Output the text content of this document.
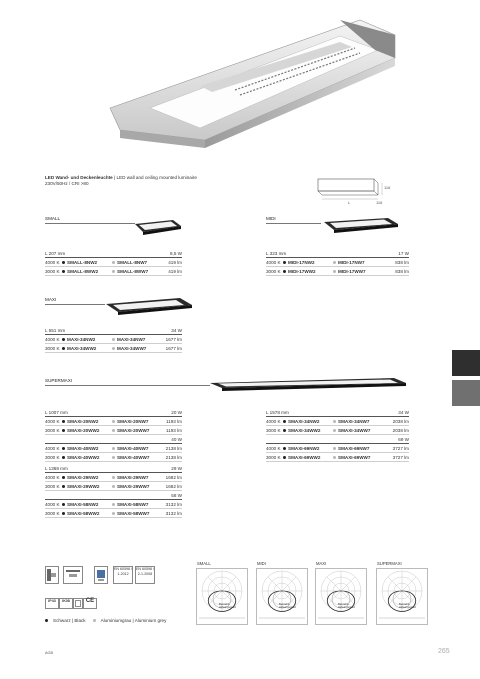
LED Wand- und Deckenleuchte | LED wall and ceiling mounted luminaire
230V/50Hz / CRI >80
116
L	116
SMALL
L 207 mm	8,5 W
4000 K	SMALL-8NW2	SMALL-8NW7	419 lm
3000 K	SMALL-8WW2	SMALL-8WW7	419 lm
MIDI
L 323 mm	17 W
4000 K	MIDI-17NW2	MIDI-17NW7	838 lm
3000 K	MIDI-17WW2	MIDI-17WW7	838 lm
MAXI
L 551 mm	34 W
4000 K	MAXI-34NW2	MAXI-34NW7	1677 lm
3000 K	MAXI-34WW2	MAXI-34WW7	1677 lm
SUPERMAXI
L 1007 mm	20 W
4000 K	SMAXI-20NW2	SMAXI-20NW7	1193 lm
3000 K	SMAXI-20WW2	SMAXI-20WW7	1193 lm
40 W
4000 K	SMAXI-40NW2	SMAXI-40NW7	2138 lm
3000 K	SMAXI-40WW2	SMAXI-40WW7	2138 lm
L 1368 mm	29 W
4000 K	SMAXI-29NW2	SMAXI-29NW7	1682 lm
3000 K	SMAXI-29WW2	SMAXI-29WW7	1682 lm
58 W
4000 K	SMAXI-58NW2	SMAXI-58NW7	3132 lm
3000 K	SMAXI-58WW2	SMAXI-58WW7	3132 lm
L 1578 mm	34 W
4000 K	SMAXI-34NW2	SMAXI-34NW7	2038 lm
3000 K	SMAXI-34WW2	SMAXI-34WW7	2038 lm
69 W
4000 K	SMAXI-69NW2	SMAXI-69NW7	3727 lm
3000 K	SMAXI-69WW2	SMAXI-69WW7	3727 lm
EN 60598 / 1-2012
EN 60598 / 2-1-2008
IP43	IK08	CE
Schwarz | Black	Aluminiumgrau | Aluminium grey
SMALL	MIDI	MAXI	SUPERMAXI
Betriebs-wirkungsgrad
Betriebs-wirkungsgrad
Betriebs-wirkungsgrad
Betriebs-wirkungsgrad
AGB	265
